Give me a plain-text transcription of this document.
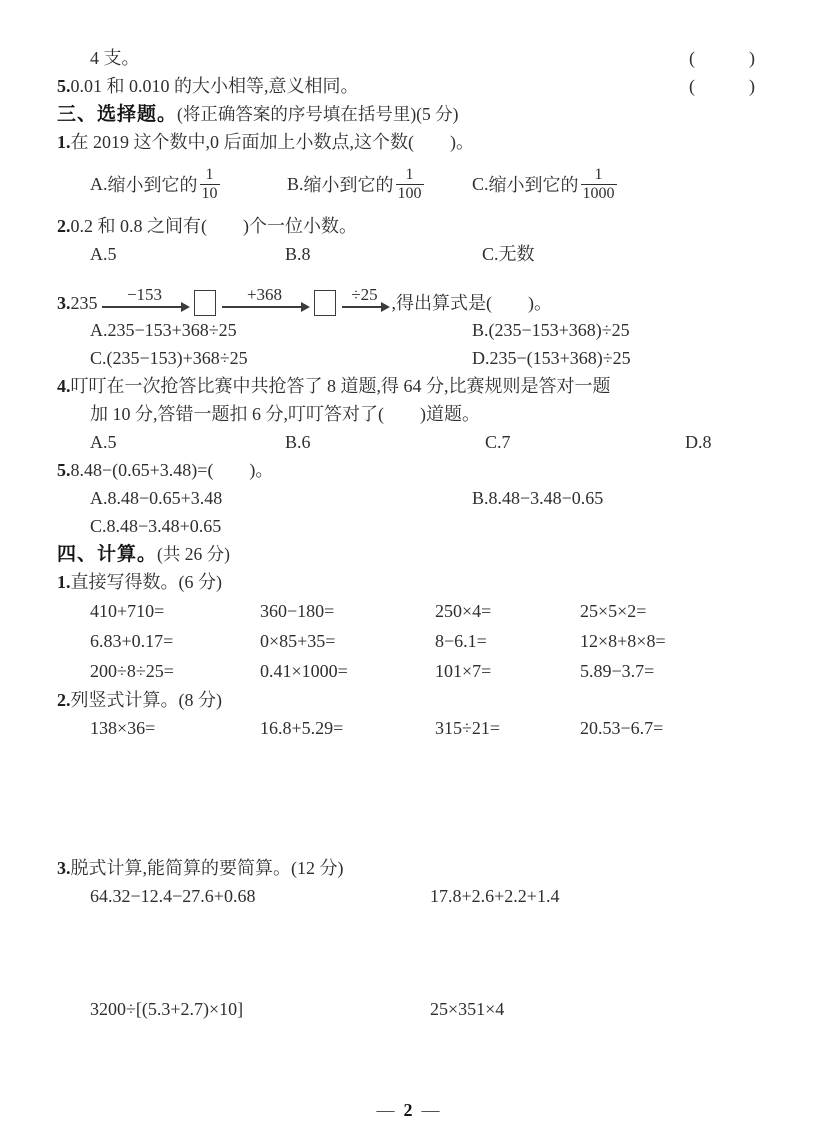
4 支。	(　　　)
5. 0.01 和 0.010 的大小相等,意义相同。	(　　　)
三、选择题。(将正确答案的序号填在括号里)(5 分)
1.在 2019 这个数中,0 后面加上小数点,这个数(　　)。
A. 缩小到它的 $\frac{1}{10}$	B. 缩小到它的 $\frac{1}{100}$	C. 缩小到它的 $\frac{1}{1000}$
2.0.2 和 0.8 之间有(　　)个一位小数。
A.5	B.8	C.无数
3. 235 −153	+368	÷25 ,得出算式是(　　)。
A.235−153+368÷25	B.(235−153+368)÷25
C.(235−153)+368÷25	D.235−(153+368)÷25
4.叮叮在一次抢答比赛中共抢答了 8 道题,得 64 分,比赛规则是答对一题
加 10 分,答错一题扣 6 分,叮叮答对了(　　)道题。
A.5	B.6	C.7	D.8
5.8.48−(0.65+3.48)=(　　)。
A.8.48−0.65+3.48	B.8.48−3.48−0.65
C.8.48−3.48+0.65
四、计算。(共 26 分)
1.直接写得数。(6 分)
410+710=	360−180=	250×4=	25×5×2=
6.83+0.17=	0×85+35=	8−6.1=	12×8+8×8=
200÷8÷25=	0.41×1000=	101×7=	5.89−3.7=
2.列竖式计算。(8 分)
138×36=	16.8+5.29=	315÷21=	20.53−6.7=
3.脱式计算,能简算的要简算。(12 分)
64.32−12.4−27.6+0.68	17.8+2.6+2.2+1.4
3200÷[(5.3+2.7)×10]	25×351×4
— 2 —
